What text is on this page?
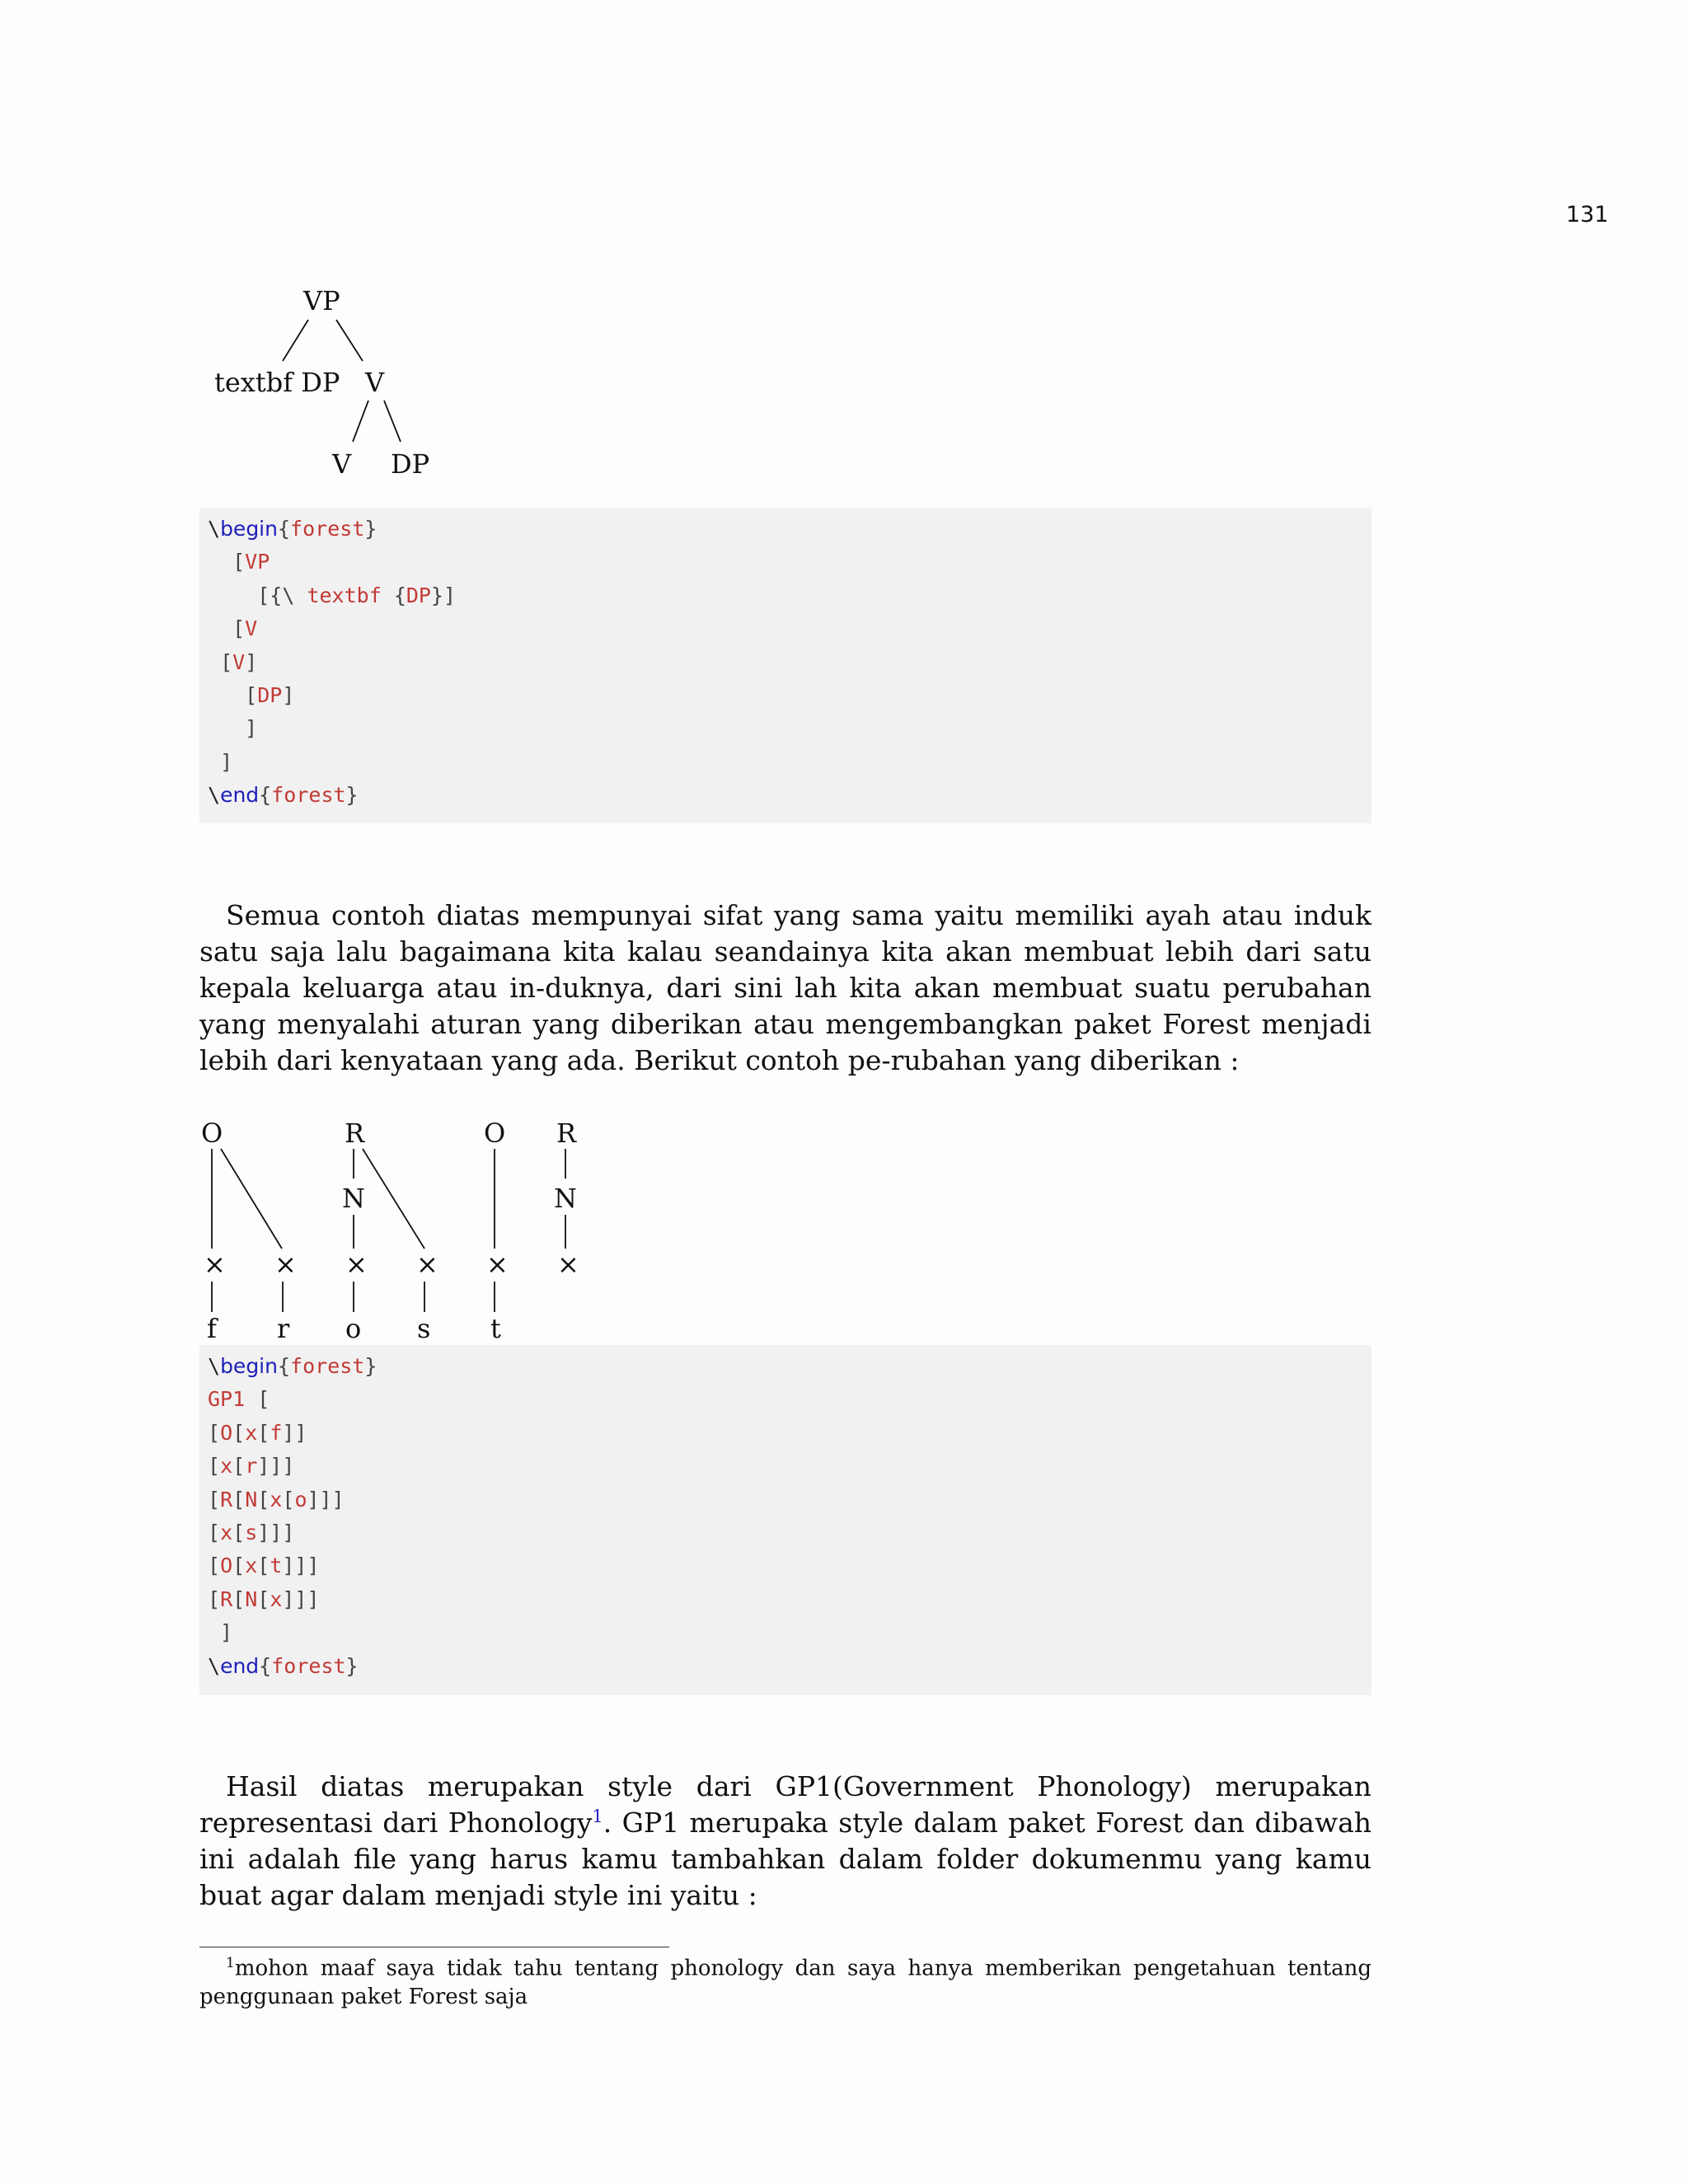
131
VP
textbf DP V
V DP
\begin{forest}
[VP
[{\ textbf {DP}]
[V
[V]
[DP]
]
]
\end{forest}
Semua contoh diatas mempunyai sifat yang sama yaitu memiliki ayah atau induk satu saja lalu bagaimana kita kalau seandainya kita akan membuat lebih dari satu kepala keluarga atau in-duknya, dari sini lah kita akan membuat suatu perubahan yang menyalahi aturan yang diberikan atau mengembangkan paket Forest menjadi lebih dari kenyataan yang ada. Berikut contoh pe-rubahan yang diberikan :
O	R	O R
N	N
× × × × × ×
f r o s t
\begin{forest}
GP1 [
[O[x[f]]
[x[r]]]
[R[N[x[o]]]
[x[s]]]
[O[x[t]]]
[R[N[x]]]
]
\end{forest}
Hasil diatas merupakan style dari GP1(Government Phonology) merupakan representasi dari Phonology$^1$. GP1 merupaka style dalam paket Forest dan dibawah ini adalah file yang harus kamu tambahkan dalam folder dokumenmu yang kamu buat agar dalam menjadi style ini yaitu :
$^1$mohon maaf saya tidak tahu tentang phonology dan saya hanya memberikan pengetahuan tentang penggunaan paket Forest saja
